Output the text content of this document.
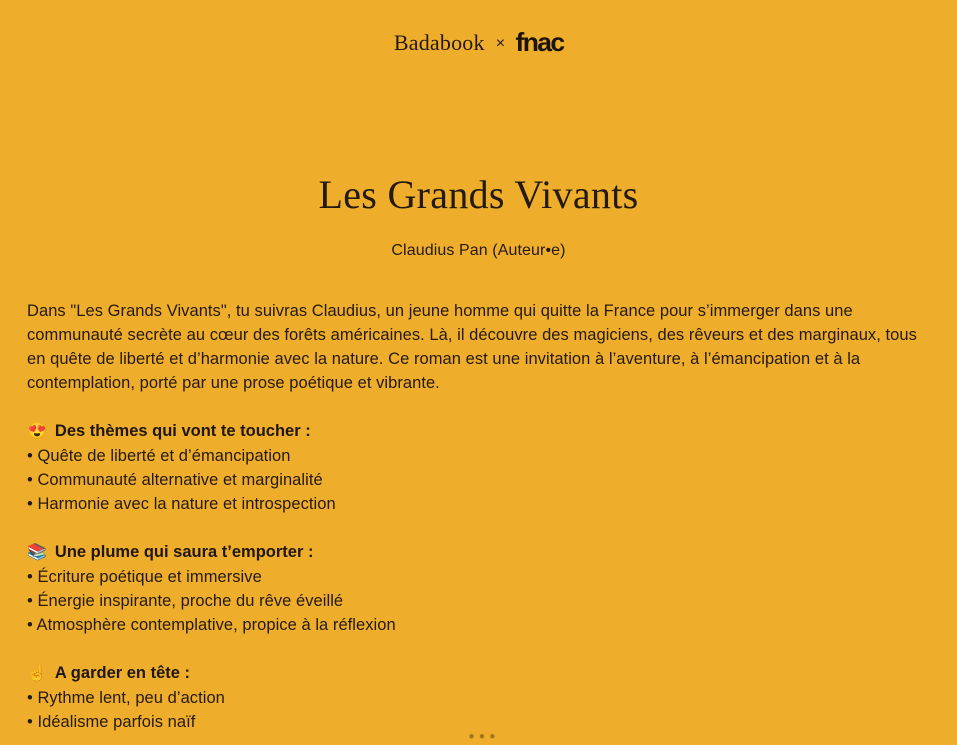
Badabook × fnac
Les Grands Vivants

Claudius Pan (Auteur•e)

Dans "Les Grands Vivants", tu suivras Claudius, un jeune homme qui quitte la France pour s’immerger dans une communauté secrète au cœur des forêts américaines. Là, il découvre des magiciens, des rêveurs et des marginaux, tous en quête de liberté et d’harmonie avec la nature. Ce roman est une invitation à l’aventure, à l’émancipation et à la contemplation, porté par une prose poétique et vibrante.

😍 Des thèmes qui vont te toucher :
• Quête de liberté et d’émancipation
• Communauté alternative et marginalité
• Harmonie avec la nature et introspection
📚 Une plume qui saura t’emporter :
• Écriture poétique et immersive
• Énergie inspirante, proche du rêve éveillé
• Atmosphère contemplative, propice à la réflexion
☝ A garder en tête :
• Rythme lent, peu d’action
• Idéalisme parfois naïf
• • •
